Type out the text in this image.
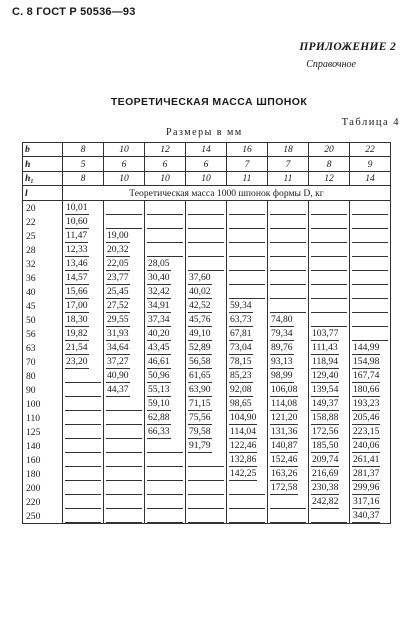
С. 8 ГОСТ Р 50536—93
ПРИЛОЖЕНИЕ 2
Справочное
ТЕОРЕТИЧЕСКАЯ МАССА ШПОНОК
Таблица 4
Размеры в мм
b	8	10	12	14	16	18	20	22
h	5	6	6	6	7	7	8	9
h₁	8	10	10	10	11	11	12	14
l	Теоретическая масса 1000 шпонок формы D, кг							
20	10,01							
22	10,60							
25	11,47	19,00						
28	12,33	20,32						
32	13,46	22,05	28,05					
36	14,57	23,77	30,40	37,60				
40	15,66	25,45	32,42	40,02				
45	17,00	27,52	34,91	42,52	59,34			
50	18,30	29,55	37,34	45,76	63,73	74,80		
56	19,82	31,93	40,20	49,10	67,81	79,34	103,77	
63	21,54	34,64	43,45	52,89	73,04	89,76	111,43	144,99
70	23,20	37,27	46,61	56,58	78,15	93,13	118,94	154,98
80		40,90	50,96	61,65	85,23	98,99	129,40	167,74
90		44,37	55,13	63,90	92,08	106,08	139,54	180,66
100			59,10	71,15	98,65	114,08	149,37	193,23
110			62,88	75,56	104,90	121,20	158,88	205,46
125			66,33	79,58	114,04	131,36	172,56	223,15
140				91,79	122,46	140,87	185,50	240,06
160					132,86	152,46	209,74	261,41
180					142,25	163,26	216,69	281,37
200						172,58	230,38	299,96
220							242,82	317,16
250								340,37
